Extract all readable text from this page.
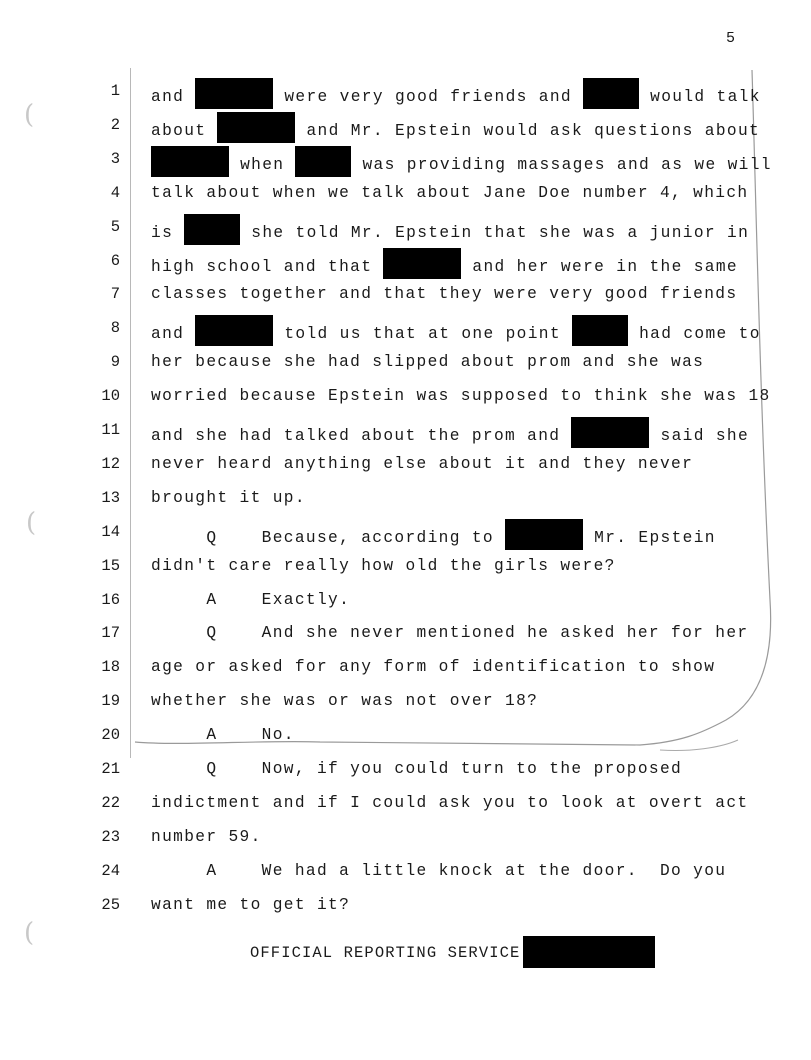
5
(
(
(
1 and	were very good friends and	would talk
2 about	and Mr. Epstein would ask questions about
3	when	was providing massages and as we will
4 talk about when we talk about Jane Doe number 4, which
5 is	she told Mr. Epstein that she was a junior in
6 high school and that	and her were in the same
7 classes together and that they were very good friends
8 and	told us that at one point	had come to
9 her because she had slipped about prom and she was
10 worried because Epstein was supposed to think she was 18
11 and she had talked about the prom and	said she
12 never heard anything else about it and they never
13 brought it up.
14 Q    Because, according to	Mr. Epstein
15 didn't care really how old the girls were?
16 A    Exactly.
17 Q    And she never mentioned he asked her for her
18 age or asked for any form of identification to show
19 whether she was or was not over 18?
20 A    No.
21 Q    Now, if you could turn to the proposed
22 indictment and if I could ask you to look at overt act
23 number 59.
24 A    We had a little knock at the door.  Do you
25 want me to get it?
OFFICIAL REPORTING SERVICE
